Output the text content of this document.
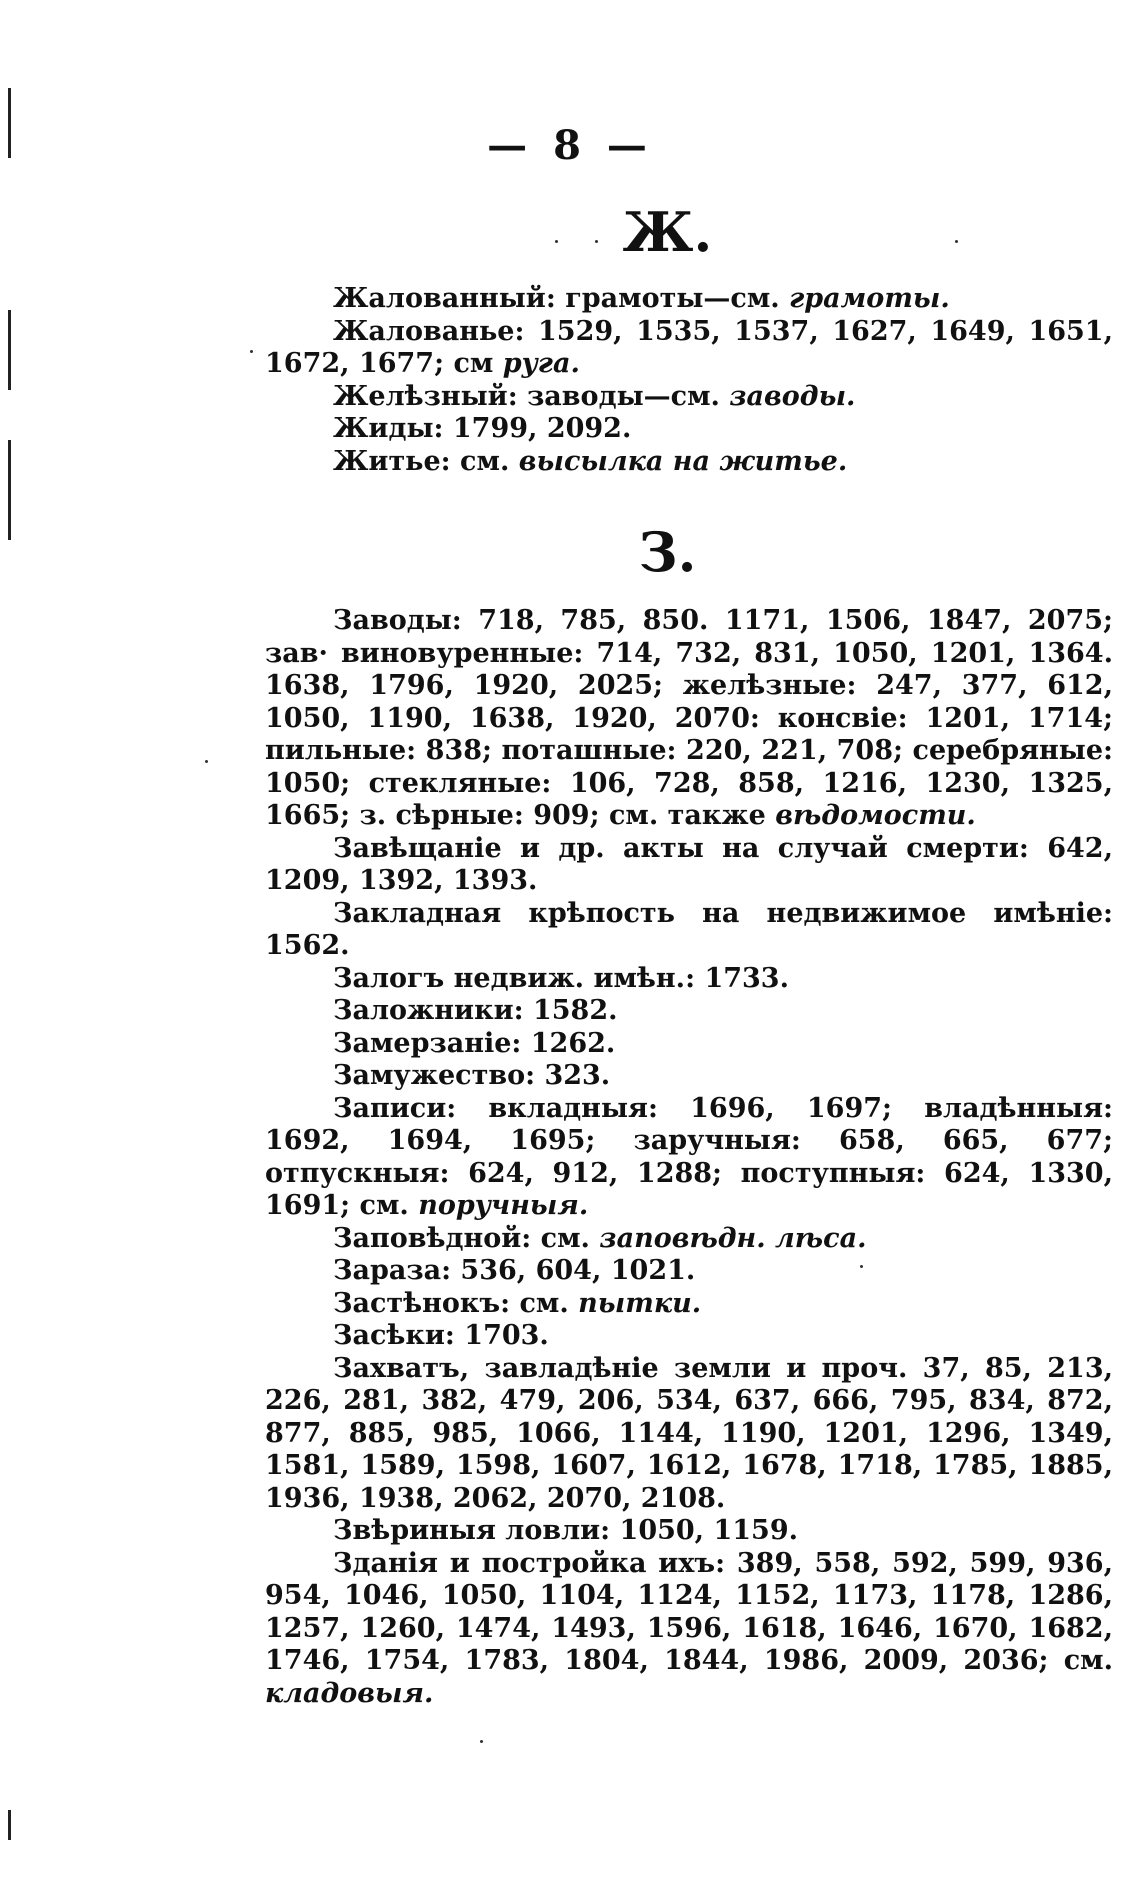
— 8 —
Ж.

Жалованный: грамоты—см. грамоты.

Жалованье: 1529, 1535, 1537, 1627, 1649, 1651, 1672, 1677; см руга.

Желѣзный: заводы—см. заводы.

Жиды: 1799, 2092.

Житье: см. высылка на житье.

З.

Заводы: 718, 785, 850. 1171, 1506, 1847, 2075; зав· виновуренные: 714, 732, 831, 1050, 1201, 1364. 1638, 1796, 1920, 2025; желѣзные: 247, 377, 612, 1050, 1190, 1638, 1920, 2070: консвіе: 1201, 1714; пильные: 838; поташные: 220, 221, 708; серебряные: 1050; стекляные: 106, 728, 858, 1216, 1230, 1325, 1665; з. сѣрные: 909; см. также вѣдомости.

Завѣщаніе и др. акты на случай смерти: 642, 1209, 1392, 1393.

Закладная крѣпость на недвижимое имѣніе: 1562.

Залогъ недвиж. имѣн.: 1733.

Заложники: 1582.

Замерзаніе: 1262.

Замужество: 323.

Записи: вкладныя: 1696, 1697; владѣнныя: 1692, 1694, 1695; заручныя: 658, 665, 677; отпускныя: 624, 912, 1288; поступныя: 624, 1330, 1691; см. поручныя.

Заповѣдной: см. заповѣдн. лѣса.

Зараза: 536, 604, 1021.

Застѣнокъ: см. пытки.

Засѣки: 1703.

Захватъ, завладѣніе земли и проч. 37, 85, 213, 226, 281, 382, 479, 206, 534, 637, 666, 795, 834, 872, 877, 885, 985, 1066, 1144, 1190, 1201, 1296, 1349, 1581, 1589, 1598, 1607, 1612, 1678, 1718, 1785, 1885, 1936, 1938, 2062, 2070, 2108.

Звѣриныя ловли: 1050, 1159.

Зданія и постройка ихъ: 389, 558, 592, 599, 936, 954, 1046, 1050, 1104, 1124, 1152, 1173, 1178, 1286, 1257, 1260, 1474, 1493, 1596, 1618, 1646, 1670, 1682, 1746, 1754, 1783, 1804, 1844, 1986, 2009, 2036; см. кладовыя.
